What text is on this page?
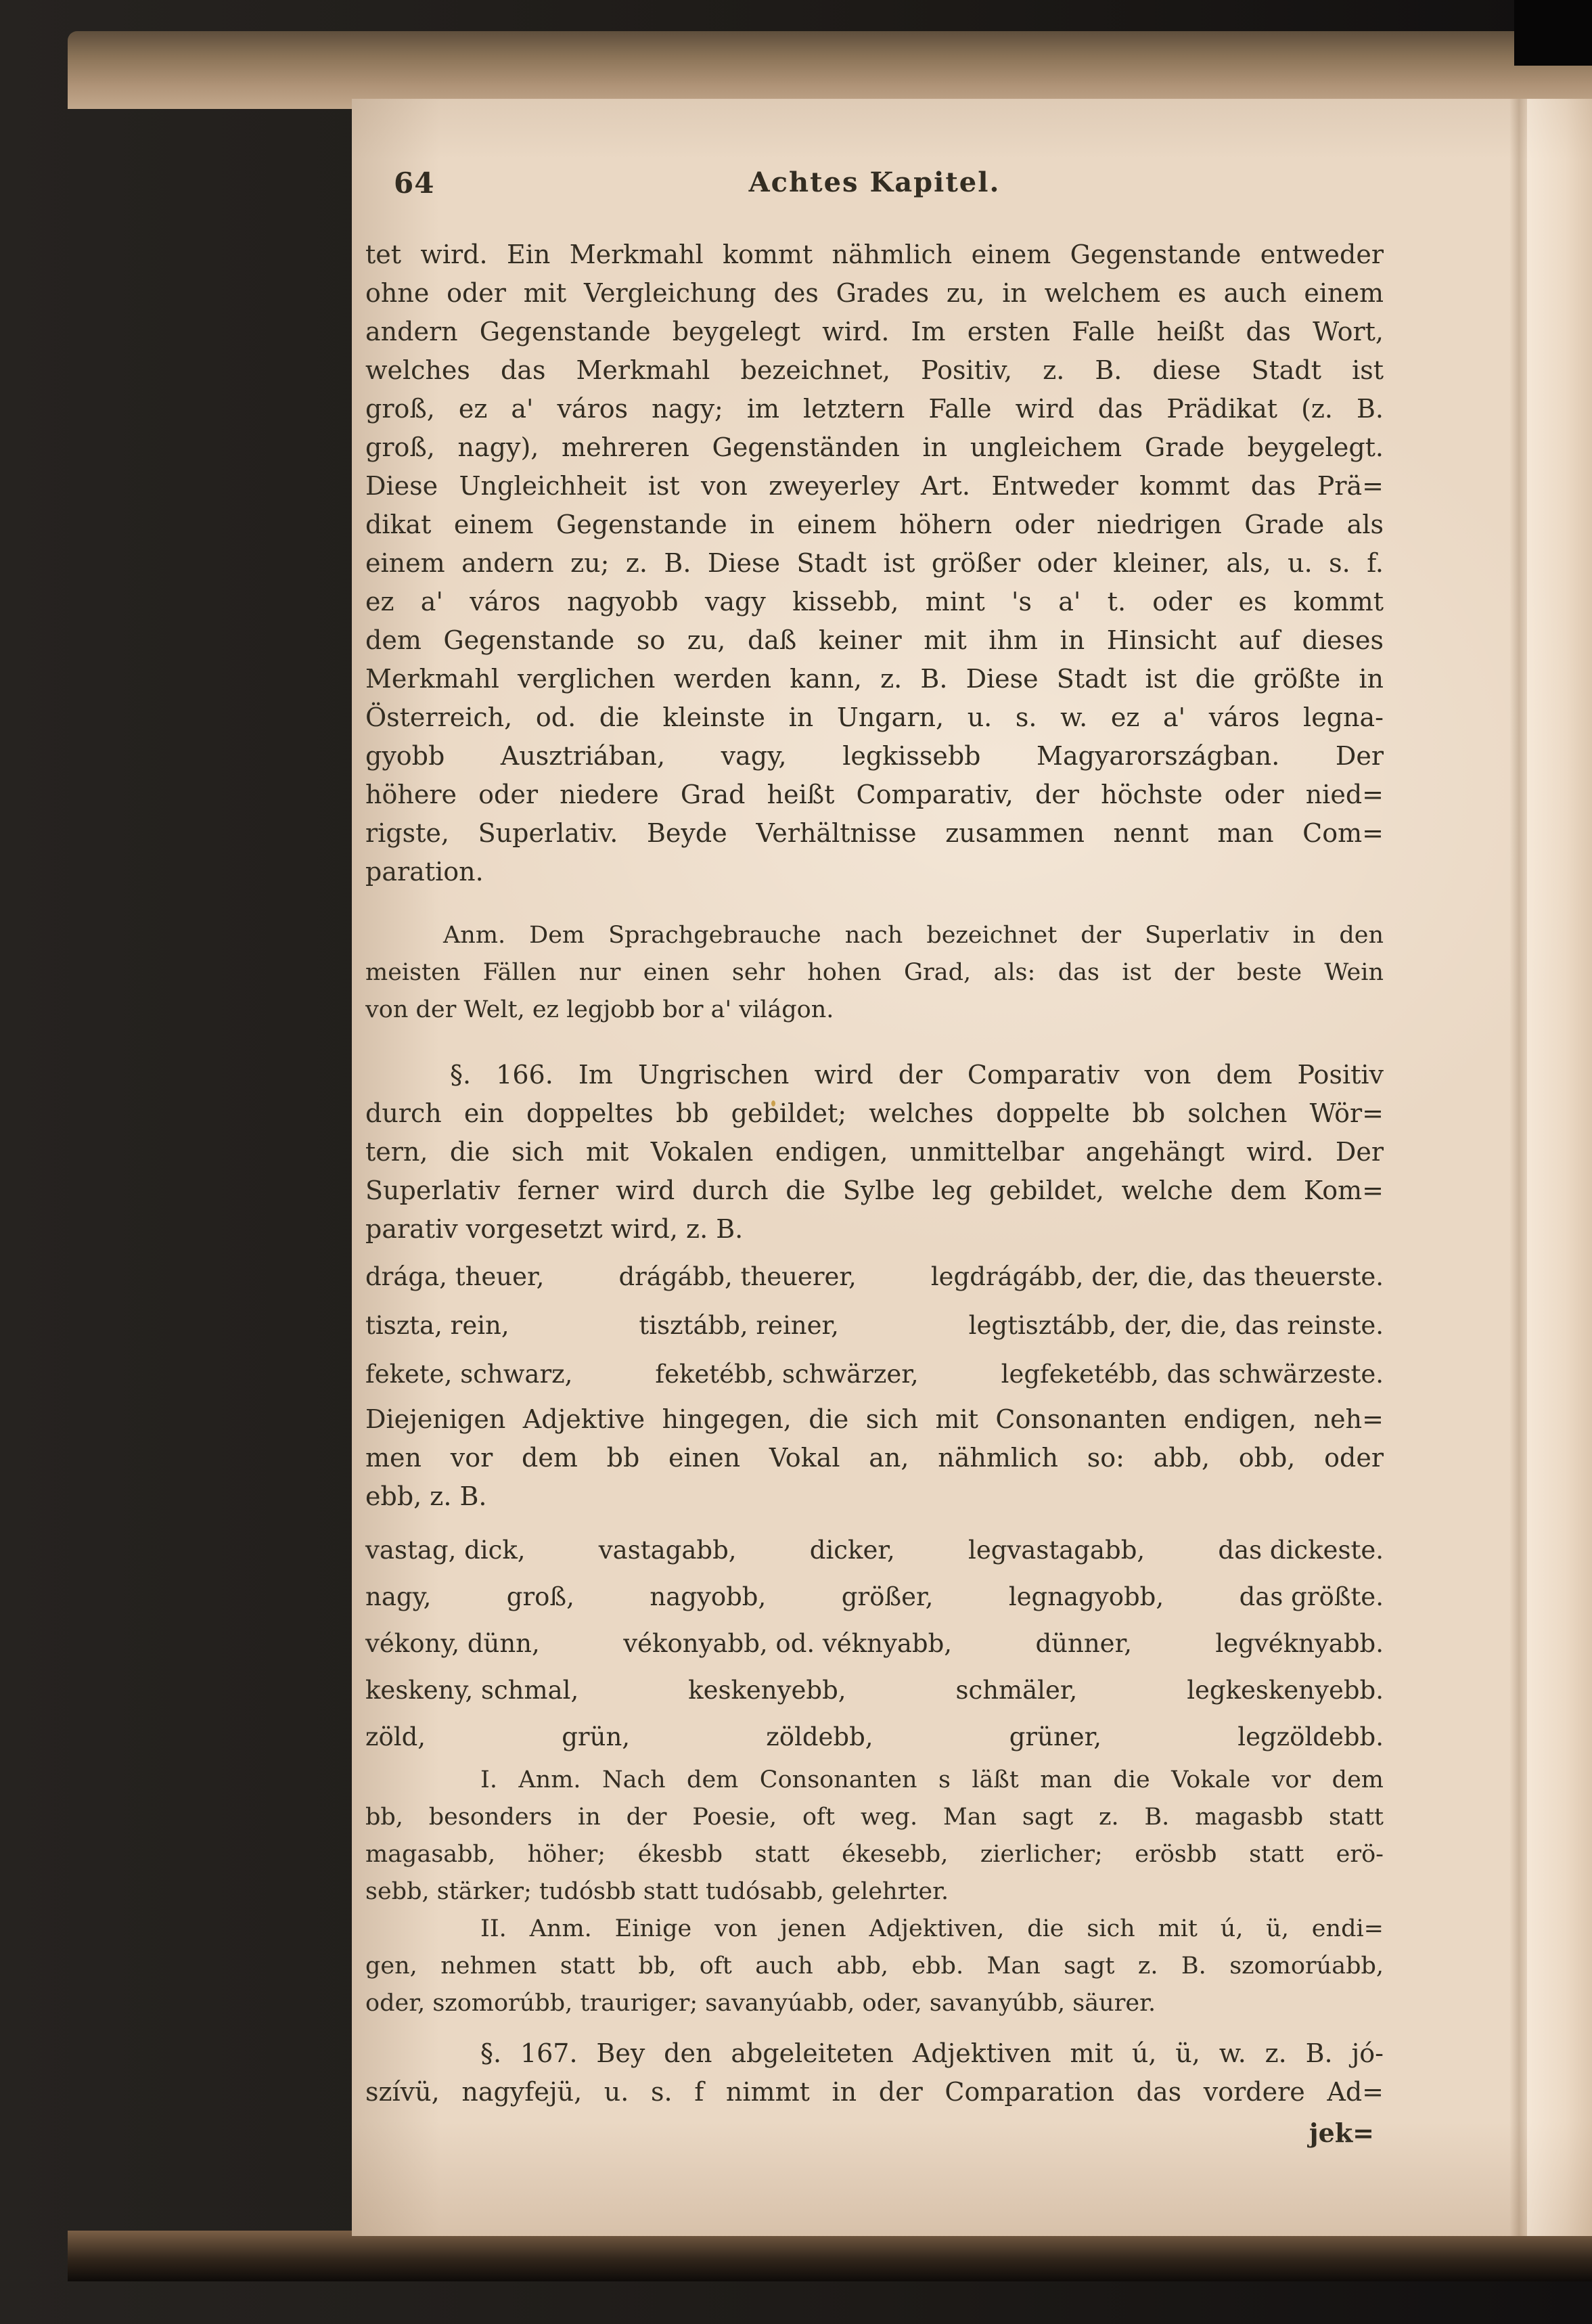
64	Achtes Kapitel.
tet wird. Ein Merkmahl kommt nähmlich einem Gegenstande entweder
ohne oder mit Vergleichung des Grades zu, in welchem es auch einem
andern Gegenstande beygelegt wird. Im ersten Falle heißt das Wort,
welches das Merkmahl bezeichnet, Positiv, z. B. diese Stadt ist
groß, ez a' város nagy; im letztern Falle wird das Prädikat (z. B.
groß, nagy), mehreren Gegenständen in ungleichem Grade beygelegt.
Diese Ungleichheit ist von zweyerley Art. Entweder kommt das Prä=
dikat einem Gegenstande in einem höhern oder niedrigen Grade als
einem andern zu; z. B. Diese Stadt ist größer oder kleiner, als, u. s. f.
ez a' város nagyobb vagy kissebb, mint 's a' t. oder es kommt
dem Gegenstande so zu, daß keiner mit ihm in Hinsicht auf dieses
Merkmahl verglichen werden kann, z. B. Diese Stadt ist die größte in
Österreich, od. die kleinste in Ungarn, u. s. w. ez a' város legna-
gyobb Ausztriában, vagy, legkissebb Magyarországban. Der
höhere oder niedere Grad heißt Comparativ, der höchste oder nied=
rigste, Superlativ. Beyde Verhältnisse zusammen nennt man Com=
paration.
Anm. Dem Sprachgebrauche nach bezeichnet der Superlativ in den
meisten Fällen nur einen sehr hohen Grad, als: das ist der beste Wein
von der Welt, ez legjobb bor a' világon.
§. 166. Im Ungrischen wird der Comparativ von dem Positiv
durch ein doppeltes bb gebildet; welches doppelte bb solchen Wör=
tern, die sich mit Vokalen endigen, unmittelbar angehängt wird. Der
Superlativ ferner wird durch die Sylbe leg gebildet, welche dem Kom=
parativ vorgesetzt wird, z. B.
drága, theuer,	drágább, theuerer,	legdrágább, der, die, das theuerste.
tiszta, rein,	tisztább, reiner,	legtisztább, der, die, das reinste.
fekete, schwarz,	feketébb, schwärzer,	legfeketébb, das schwärzeste.
Diejenigen Adjektive hingegen, die sich mit Consonanten endigen, neh=
men vor dem bb einen Vokal an, nähmlich so: abb, obb, oder
ebb, z. B.
vastag, dick,	vastagabb,	dicker,	legvastagabb,	das dickeste.
nagy,	groß,	nagyobb,	größer,	legnagyobb,	das größte.
vékony, dünn,	vékonyabb, od. véknyabb,	dünner,	legvéknyabb.
keskeny, schmal,	keskenyebb,	schmäler,	legkeskenyebb.
zöld,	grün,	zöldebb,	grüner,	legzöldebb.
I. Anm. Nach dem Consonanten s läßt man die Vokale vor dem
bb, besonders in der Poesie, oft weg. Man sagt z. B. magasbb statt
magasabb, höher; ékesbb statt ékesebb, zierlicher; erösbb statt erö-
sebb, stärker; tudósbb statt tudósabb, gelehrter.
II. Anm. Einige von jenen Adjektiven, die sich mit ú, ü, endi=
gen, nehmen statt bb, oft auch abb, ebb. Man sagt z. B. szomorúabb,
oder, szomorúbb, trauriger; savanyúabb, oder, savanyúbb, säurer.
§. 167. Bey den abgeleiteten Adjektiven mit ú, ü, w. z. B. jó-
szívü, nagyfejü, u. s. f nimmt in der Comparation das vordere Ad=
jek=
